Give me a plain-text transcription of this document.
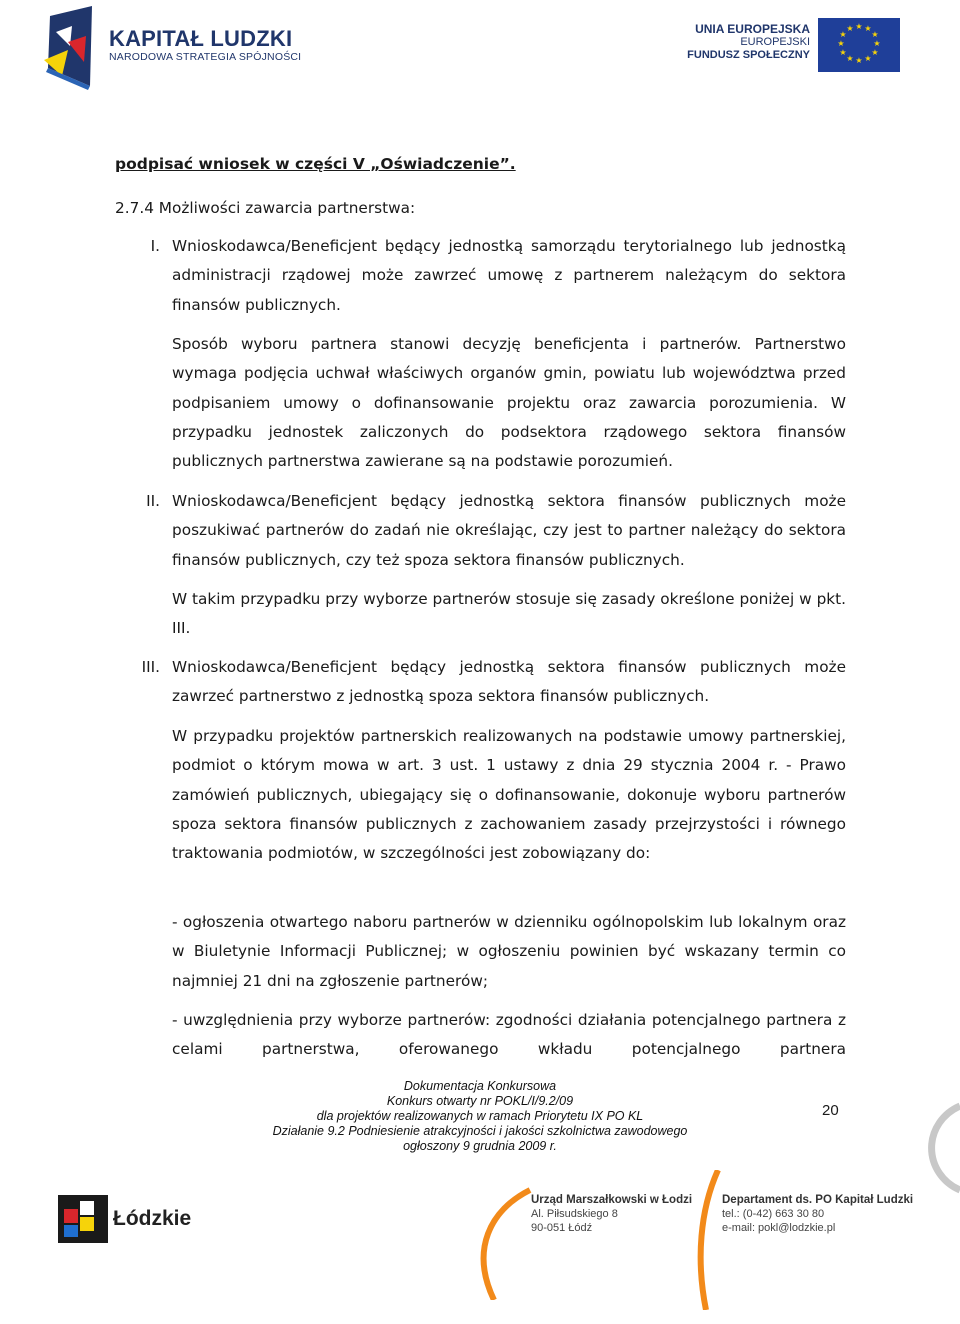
KAPITAŁ LUDZKI
NARODOWA STRATEGIA SPÓJNOŚCI
UNIA EUROPEJSKA
EUROPEJSKI
FUNDUSZ SPOŁECZNY
★ ★
★
★
★
★
★
★
★
★
★
★
podpisać wniosek w części V „Oświadczenie”.
2.7.4 Możliwości zawarcia partnerstwa:
I. Wnioskodawca/Beneficjent będący jednostką samorządu terytorialnego lub jednostką administracji rządowej może zawrzeć umowę z partnerem należącym do sektora finansów publicznych.
Sposób wyboru partnera stanowi decyzję beneficjenta i partnerów. Partnerstwo wymaga podjęcia uchwał właściwych organów gmin, powiatu lub województwa przed podpisaniem umowy o dofinansowanie projektu oraz zawarcia porozumienia. W przypadku jednostek zaliczonych do podsektora rządowego sektora finansów publicznych partnerstwa zawierane są na podstawie porozumień.
II. Wnioskodawca/Beneficjent będący jednostką sektora finansów publicznych może poszukiwać partnerów do zadań nie określając, czy jest to partner należący do sektora finansów publicznych, czy też spoza sektora finansów publicznych.
W takim przypadku przy wyborze partnerów stosuje się zasady określone poniżej w pkt. III.
III. Wnioskodawca/Beneficjent będący jednostką sektora finansów publicznych może zawrzeć partnerstwo z jednostką spoza sektora finansów publicznych.
W przypadku projektów partnerskich realizowanych na podstawie umowy partnerskiej, podmiot o którym mowa w art. 3 ust. 1 ustawy z dnia 29 stycznia 2004 r. - Prawo zamówień publicznych, ubiegający się o dofinansowanie, dokonuje wyboru partnerów spoza sektora finansów publicznych z zachowaniem zasady przejrzystości i równego traktowania podmiotów, w szczególności jest zobowiązany do:
- ogłoszenia otwartego naboru partnerów w dzienniku ogólnopolskim lub lokalnym oraz w Biuletynie Informacji Publicznej; w ogłoszeniu powinien być wskazany termin co najmniej 21 dni na zgłoszenie partnerów;
- uwzględnienia przy wyborze partnerów: zgodności działania potencjalnego partnera z celami partnerstwa, oferowanego wkładu potencjalnego partnera
Dokumentacja Konkursowa
Konkurs otwarty nr POKL/I/9.2/09
dla projektów realizowanych w ramach Priorytetu IX PO KL
Działanie 9.2 Podniesienie atrakcyjności i jakości szkolnictwa zawodowego
ogłoszony 9 grudnia 2009 r.
20
Łódzkie
Urząd Marszałkowski w Łodzi
Al. Piłsudskiego 8
90-051 Łódź
Departament ds. PO Kapitał Ludzki
tel.: (0-42) 663 30 80
e-mail: pokl@lodzkie.pl
